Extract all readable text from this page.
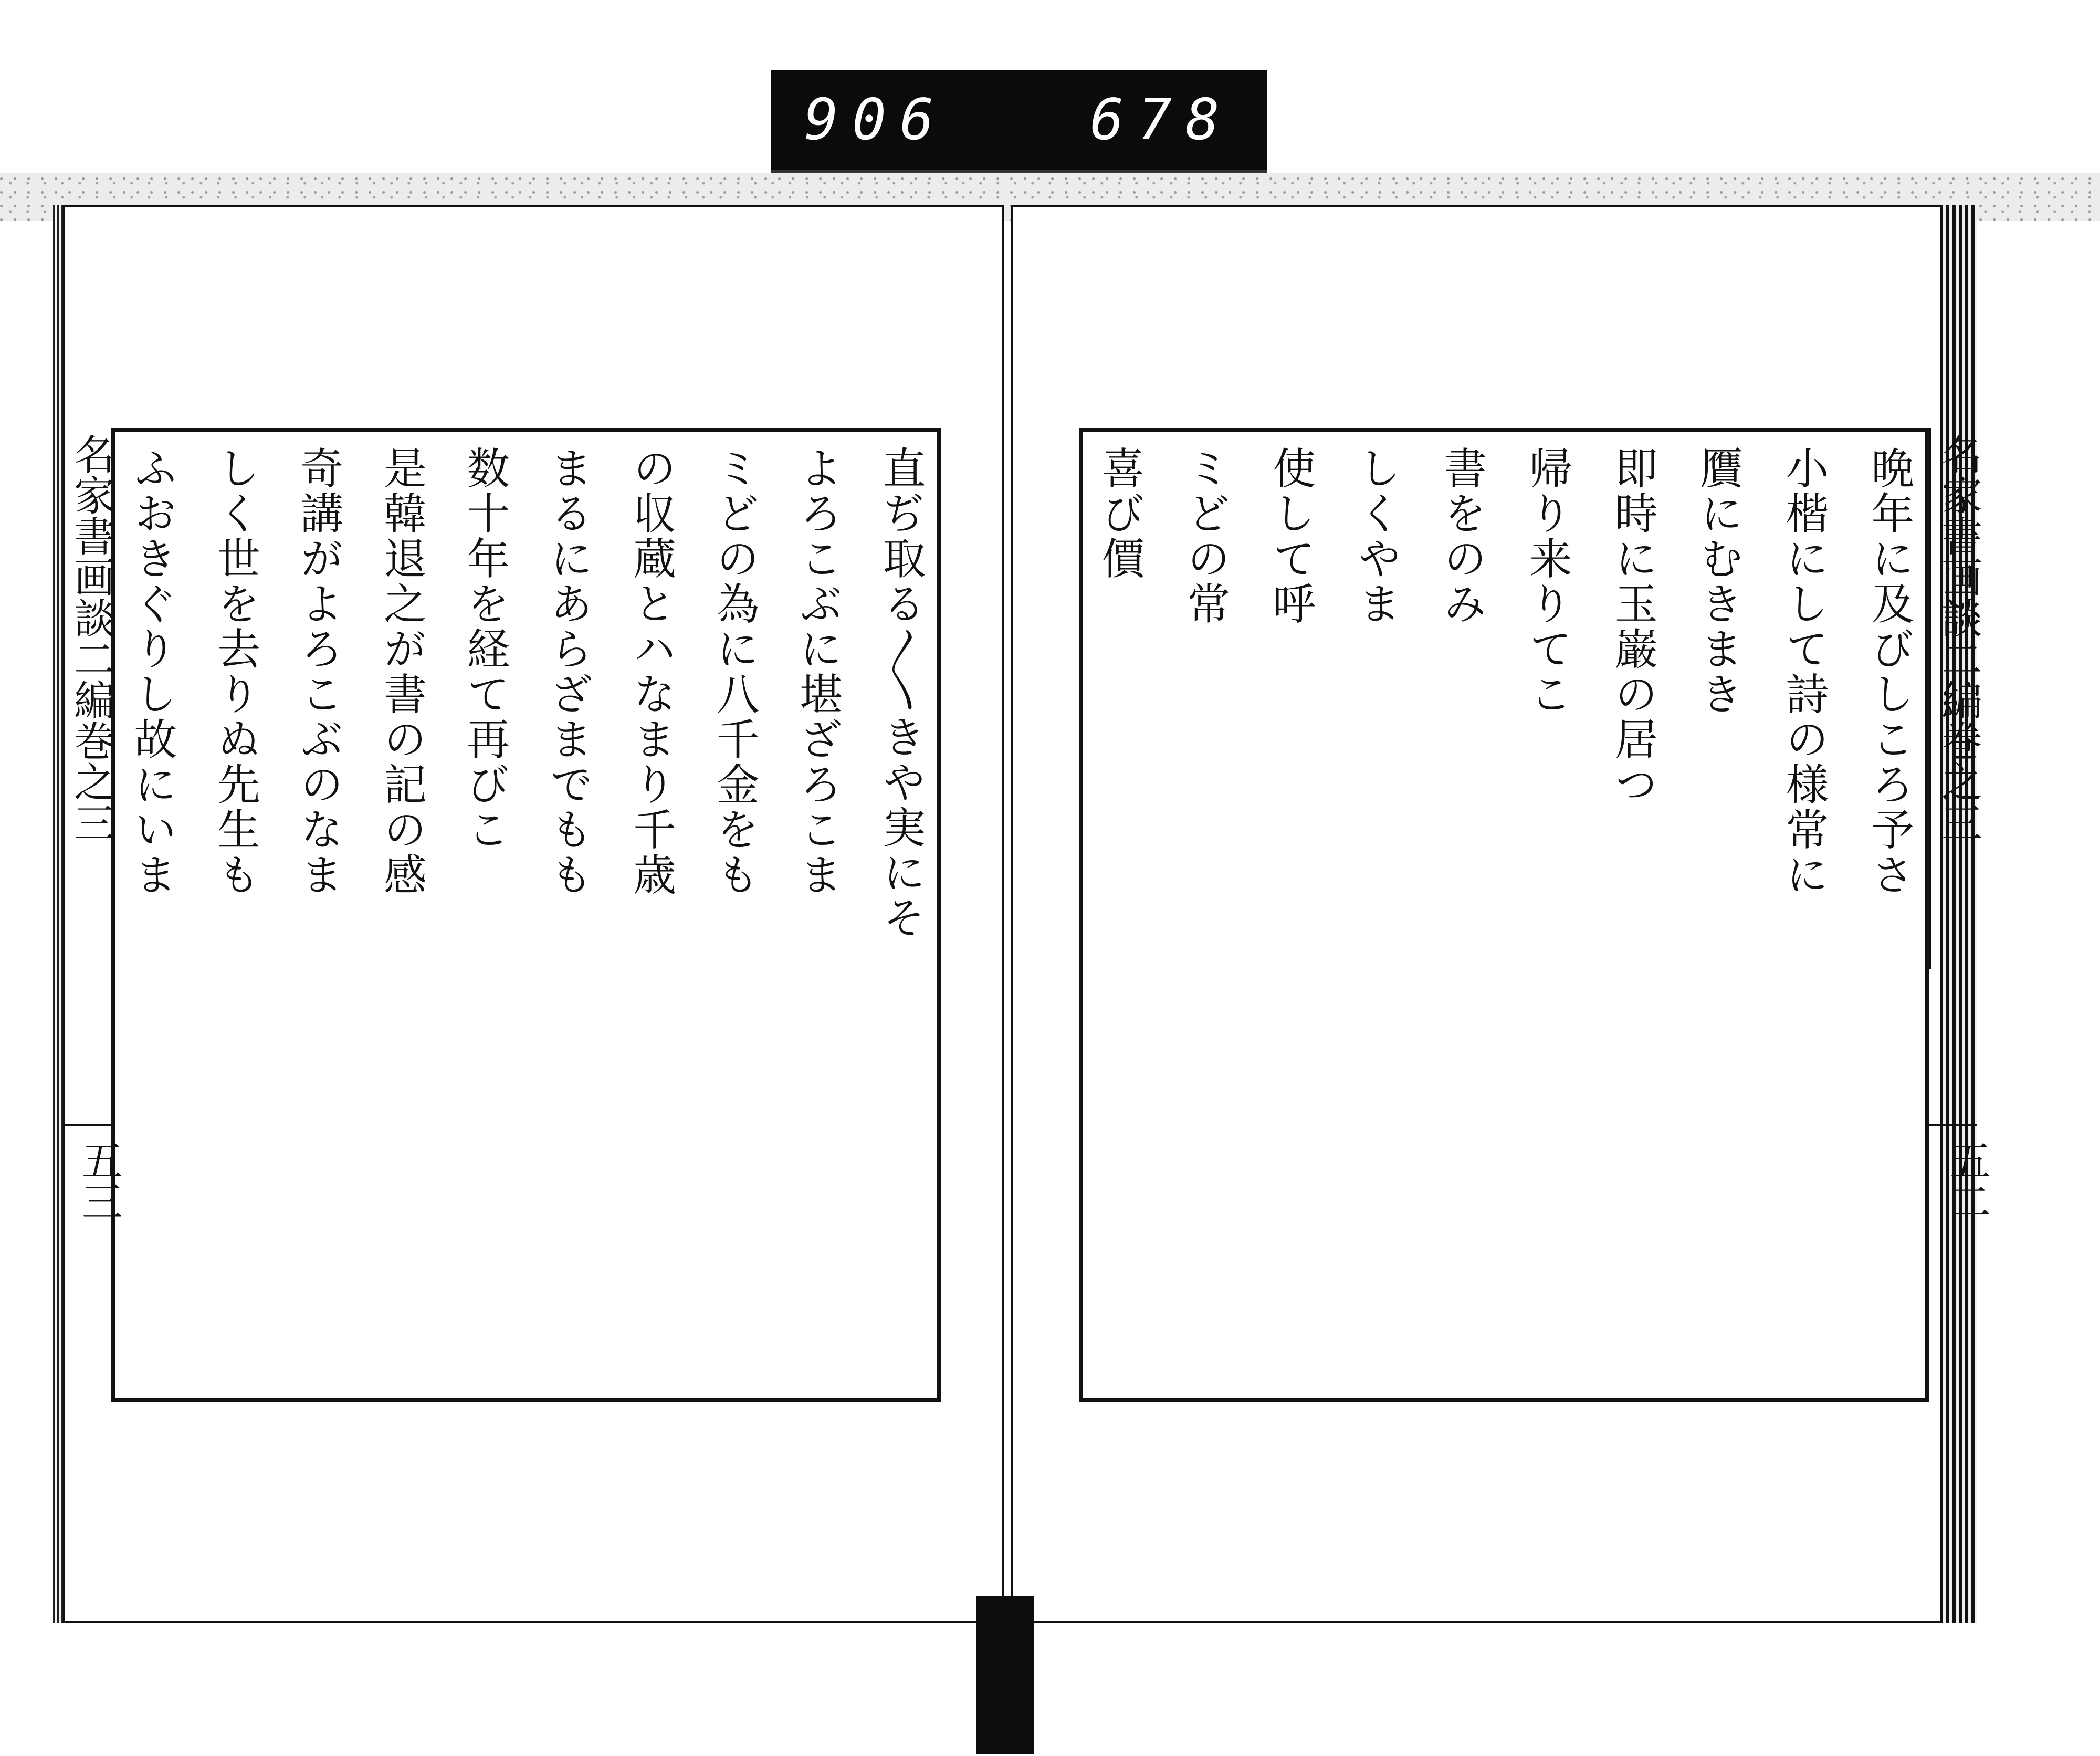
906	678
名家書画談二編巻之三
五三
直ぢ取る〳〵きや実にそ
よろこぶに堪ざろこま
ミどの為に八千金をも
の収蔵とハなまり千歳
まるにあらざまでもも
数十年を経て再びこ
是韓退之が書の記の感
奇講がよろこぶのなま
しく世を去りぬ先生も
ふおきぐりし故にいま	名家書画談二編巻之三
五二
晩年に及びしころ予さ
小楷にして詩の様常に
贋にむきまき
即時に玉巌の居つ
帰り来りてこ
書をのみ
しくやま
使して呼
ミどの常
喜び價
